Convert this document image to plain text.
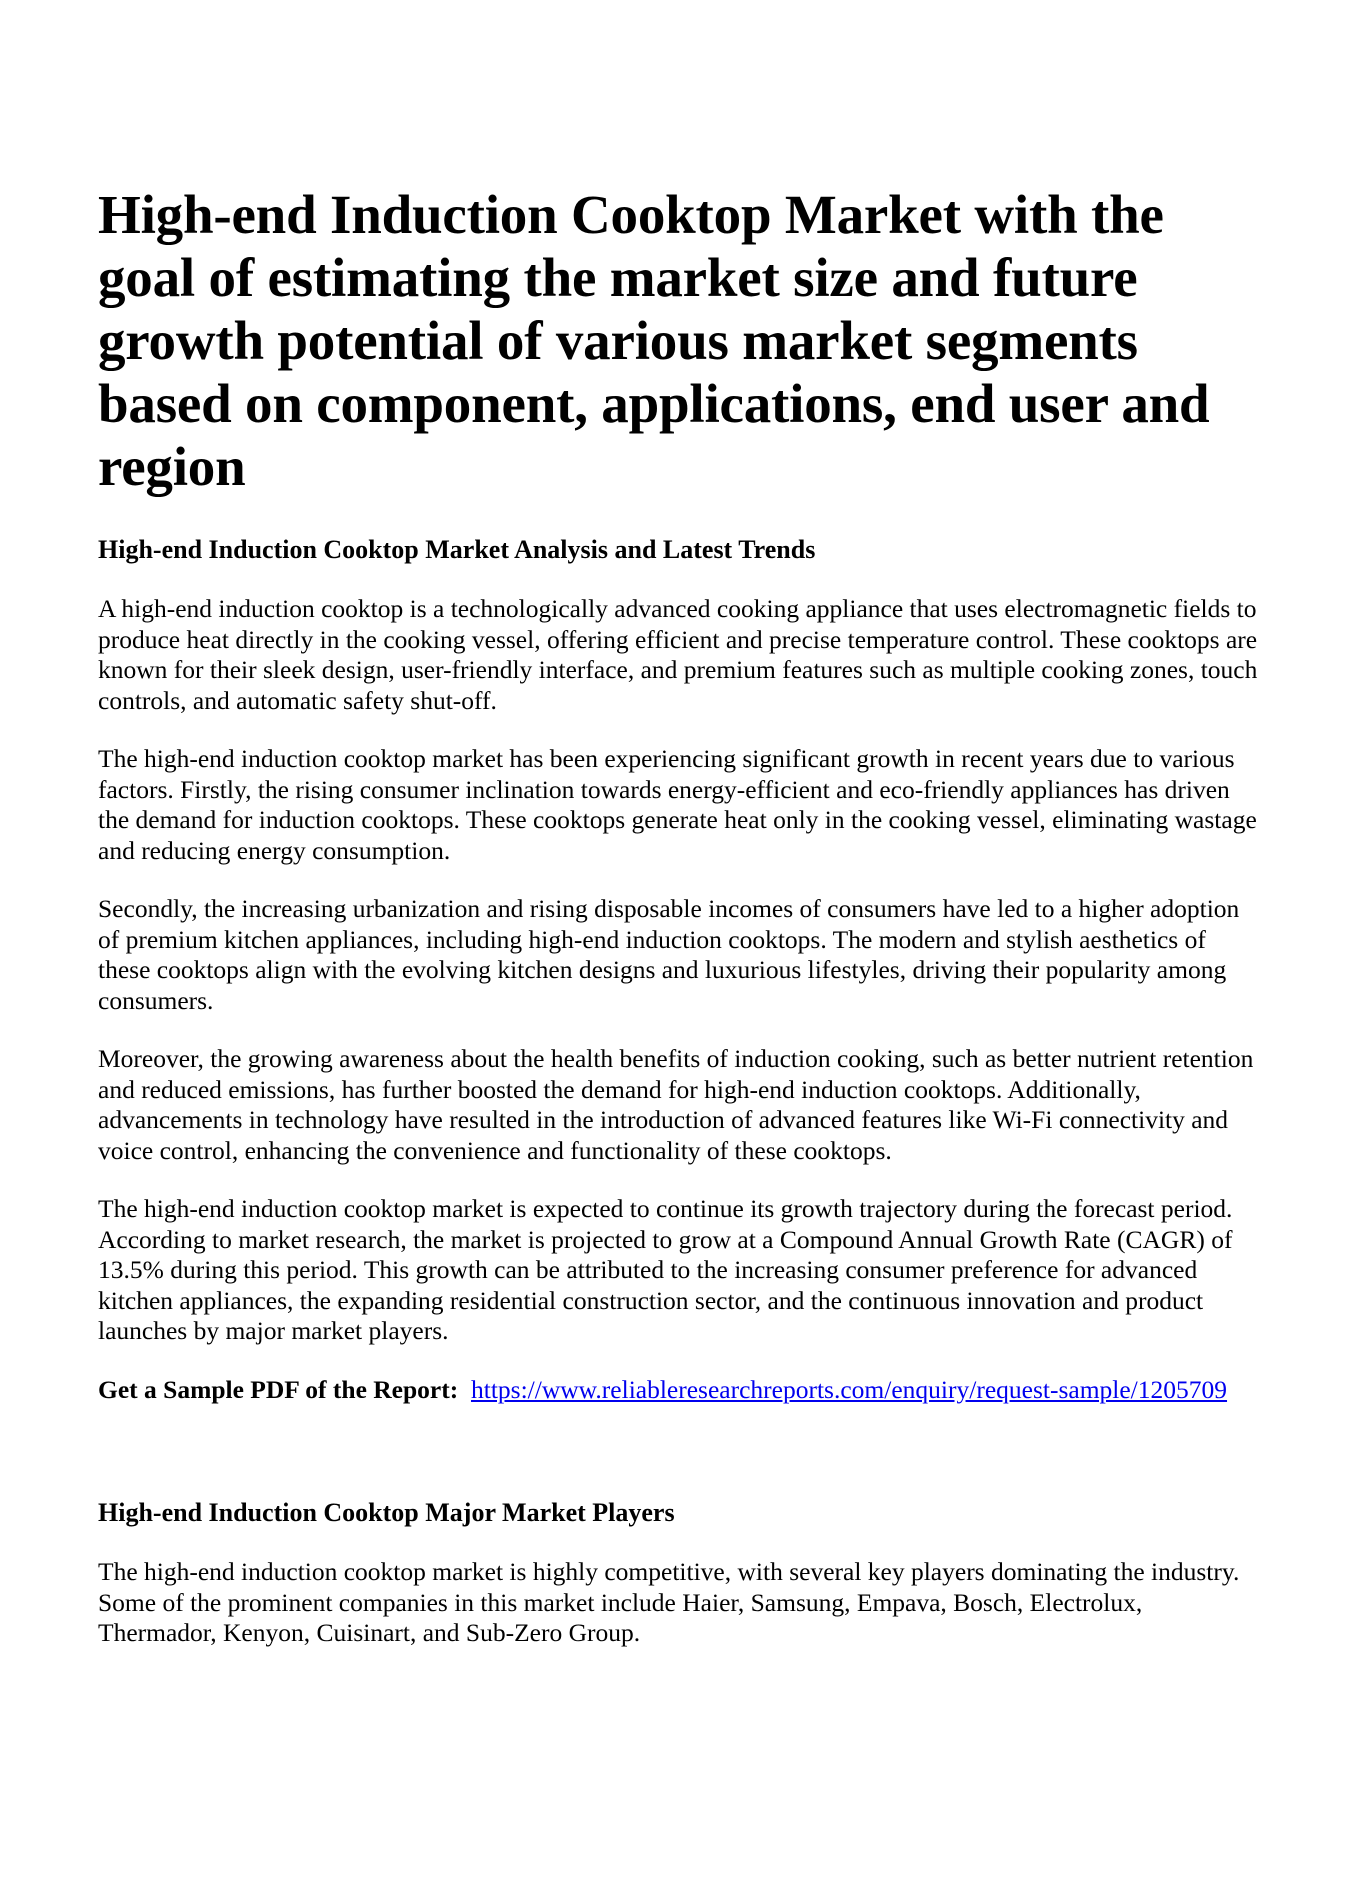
High-end Induction Cooktop Market with the goal of estimating the market size and future growth potential of various market segments based on component, applications, end user and region
High-end Induction Cooktop Market Analysis and Latest Trends

A high-end induction cooktop is a technologically advanced cooking appliance that uses electromagnetic fields to produce heat directly in the cooking vessel, offering efficient and precise temperature control. These cooktops are known for their sleek design, user-friendly interface, and premium features such as multiple cooking zones, touch controls, and automatic safety shut-off.

The high-end induction cooktop market has been experiencing significant growth in recent years due to various factors. Firstly, the rising consumer inclination towards energy-efficient and eco-friendly appliances has driven the demand for induction cooktops. These cooktops generate heat only in the cooking vessel, eliminating wastage and reducing energy consumption.

Secondly, the increasing urbanization and rising disposable incomes of consumers have led to a higher adoption of premium kitchen appliances, including high-end induction cooktops. The modern and stylish aesthetics of these cooktops align with the evolving kitchen designs and luxurious lifestyles, driving their popularity among consumers.

Moreover, the growing awareness about the health benefits of induction cooking, such as better nutrient retention and reduced emissions, has further boosted the demand for high-end induction cooktops. Additionally, advancements in technology have resulted in the introduction of advanced features like Wi-Fi connectivity and voice control, enhancing the convenience and functionality of these cooktops.

The high-end induction cooktop market is expected to continue its growth trajectory during the forecast period. According to market research, the market is projected to grow at a Compound Annual Growth Rate (CAGR) of 13.5% during this period. This growth can be attributed to the increasing consumer preference for advanced kitchen appliances, the expanding residential construction sector, and the continuous innovation and product launches by major market players.

Get a Sample PDF of the Report: https://www.reliableresearchreports.com/enquiry/request-sample/1205709

High-end Induction Cooktop Major Market Players

The high-end induction cooktop market is highly competitive, with several key players dominating the industry. Some of the prominent companies in this market include Haier, Samsung, Empava, Bosch, Electrolux, Thermador, Kenyon, Cuisinart, and Sub-Zero Group.
